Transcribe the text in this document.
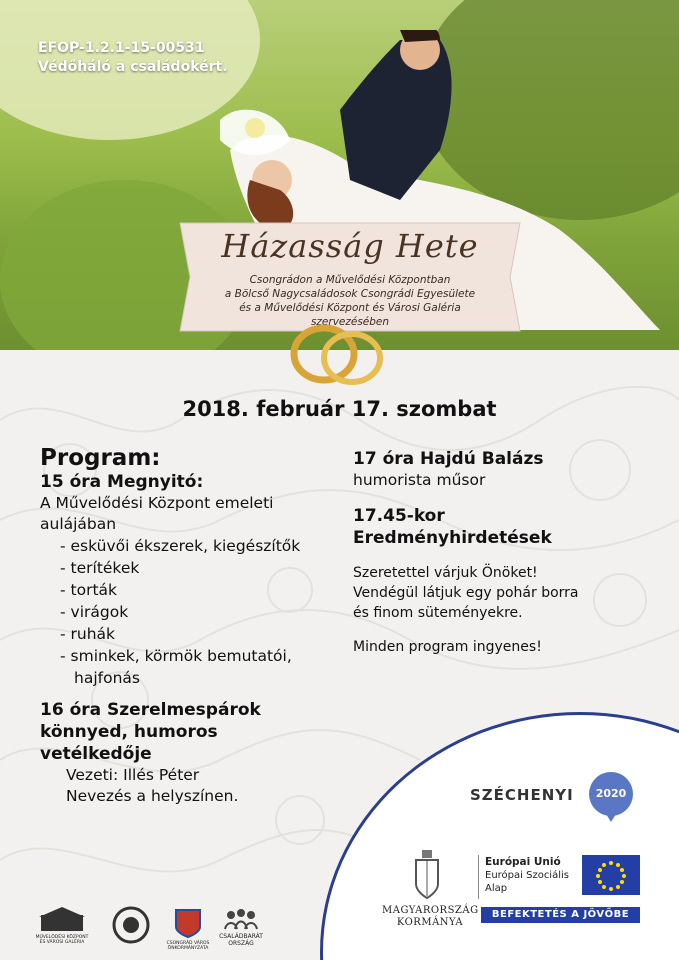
EFOP-1.2.1-15-00531
Védőháló a családokért.
Házasság Hete
Csongrádon a Művelődési Központban
a Bölcső Nagycsaládosok Csongrádi Egyesülete
és a Művelődési Központ és Városi Galéria
szervezésében
2018. február 17. szombat
Program:
15 óra Megnyitó:
A Művelődési Központ emeleti
aulájában
- esküvői ékszerek, kiegészítők
- terítékek
- torták
- virágok
- ruhák
- sminkek, körmök bemutatói, hajfonás
16 óra Szerelmespárok
könnyed, humoros
vetélkedője
Vezeti: Illés Péter
Nevezés a helyszínen.
17 óra Hajdú Balázs
humorista műsor
17.45-kor
Eredményhirdetések
Szeretettel várjuk Önöket!
Vendégül látjuk egy pohár borra
és finom süteményekre.
Minden program ingyenes!
SZÉCHENYI	2020
MAGYARORSZÁG
KORMÁNYA
Európai Unió
Európai Szociális
Alap
BEFEKTETÉS A JÖVŐBE
MŰVELŐDÉSI KÖZPONT ÉS VÁROSI GALÉRIA	CSONGRÁD VÁROS ÖNKORMÁNYZATA
CSALÁDBARÁT
ORSZÁG
